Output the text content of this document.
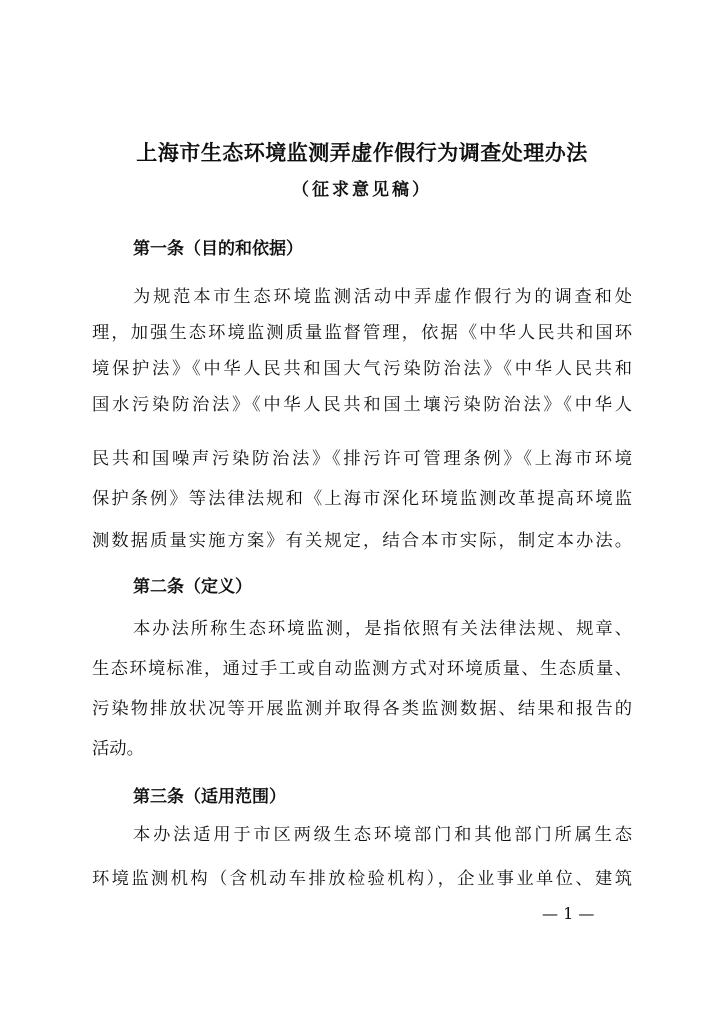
上海市生态环境监测弄虚作假行为调查处理办法
（征求意见稿）
第一条（目的和依据）
为规范本市生态环境监测活动中弄虚作假行为的调查和处
理，加强生态环境监测质量监督管理，依据《中华人民共和国环
境保护法》《中华人民共和国大气污染防治法》《中华人民共和
国水污染防治法》《中华人民共和国土壤污染防治法》《中华人
民共和国噪声污染防治法》《排污许可管理条例》《上海市环境
保护条例》等法律法规和《上海市深化环境监测改革提高环境监
测数据质量实施方案》有关规定，结合本市实际，制定本办法。
第二条（定义）
本办法所称生态环境监测，是指依照有关法律法规、规章、
生态环境标准，通过手工或自动监测方式对环境质量、生态质量、
污染物排放状况等开展监测并取得各类监测数据、结果和报告的
活动。
第三条（适用范围）
本办法适用于市区两级生态环境部门和其他部门所属生态
环境监测机构（含机动车排放检验机构），企业事业单位、建筑
— 1 —
